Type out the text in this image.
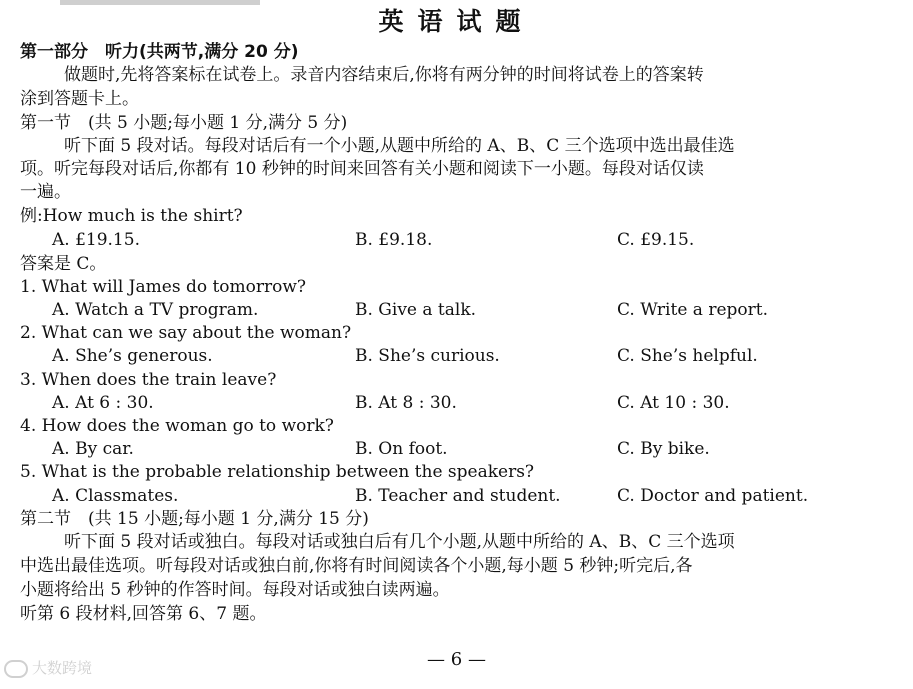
英语试题
第一部分　听力(共两节,满分 20 分)
做题时,先将答案标在试卷上。录音内容结束后,你将有两分钟的时间将试卷上的答案转
涂到答题卡上。
第一节　(共 5 小题;每小题 1 分,满分 5 分)
听下面 5 段对话。每段对话后有一个小题,从题中所给的 A、B、C 三个选项中选出最佳选
项。听完每段对话后,你都有 10 秒钟的时间来回答有关小题和阅读下一小题。每段对话仅读
一遍。
例:How much is the shirt?
A. £19.15.	B. £9.18.	C. £9.15.
答案是 C。
1. What will James do tomorrow?
A. Watch a TV program.	B. Give a talk.	C. Write a report.
2. What can we say about the woman?
A. She’s generous.	B. She’s curious.	C. She’s helpful.
3. When does the train leave?
A. At 6 : 30.	B. At 8 : 30.	C. At 10 : 30.
4. How does the woman go to work?
A. By car.	B. On foot.	C. By bike.
5. What is the probable relationship between the speakers?
A. Classmates.	B. Teacher and student.	C. Doctor and patient.
第二节　(共 15 小题;每小题 1 分,满分 15 分)
听下面 5 段对话或独白。每段对话或独白后有几个小题,从题中所给的 A、B、C 三个选项
中选出最佳选项。听每段对话或独白前,你将有时间阅读各个小题,每小题 5 秒钟;听完后,各
小题将给出 5 秒钟的作答时间。每段对话或独白读两遍。
听第 6 段材料,回答第 6、7 题。
— 6 —
大数跨境
